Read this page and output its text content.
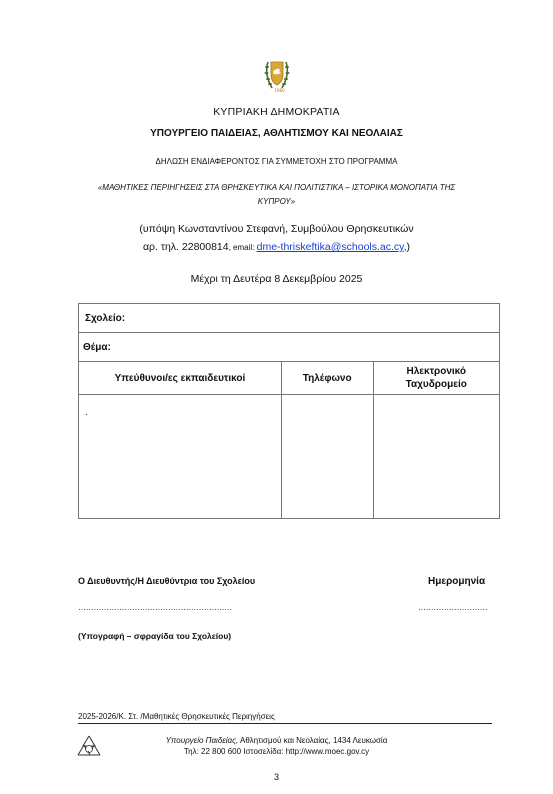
1960
ΚΥΠΡΙΑΚΗ ΔΗΜΟΚΡΑΤΙΑ
ΥΠΟΥΡΓΕΙΟ ΠΑΙΔΕΙΑΣ, ΑΘΛΗΤΙΣΜΟΥ ΚΑΙ ΝΕΟΛΑΙΑΣ
ΔΗΛΩΣΗ ΕΝΔΙΑΦΕΡΟΝΤΟΣ ΓΙΑ ΣΥΜΜΕΤΟΧΗ ΣΤΟ ΠΡΟΓΡΑΜΜΑ
«ΜΑΘΗΤΙΚΕΣ ΠΕΡΙΗΓΗΣΕΙΣ ΣΤΑ ΘΡΗΣΚΕΥΤΙΚΑ ΚΑΙ ΠΟΛΙΤΙΣΤΙΚΑ – ΙΣΤΟΡΙΚΑ ΜΟΝΟΠΑΤΙΑ ΤΗΣ ΚΥΠΡΟΥ»
(υπόψη Κωνσταντίνου Στεφανή, Συμβούλου Θρησκευτικών
αρ. τηλ. 22800814, email: dme-thriskeftika@schools.ac.cy,)
Μέχρι τη Δευτέρα 8 Δεκεμβρίου 2025
Σχολείο:		
Θέμα:		
Υπεύθυνοι/ες εκπαιδευτικοί	Τηλέφωνο	Ηλεκτρονικό
Ταχυδρομείο

.		
Ο Διευθυντής/Η Διευθύντρια του Σχολείου	Ημερομηνία
……………………………………………………	………………………
(Υπογραφή – σφραγίδα του Σχολείου)
2025-2026/Κ. Στ. /Μαθητικές Θρησκευτικές Περιηγήσεις
Υπουργείο Παιδείας, Αθλητισμού και Νεολαίας, 1434 Λευκωσία
Τηλ: 22 800 600 Ιστοσελίδα: http://www.moec.gov.cy
3
